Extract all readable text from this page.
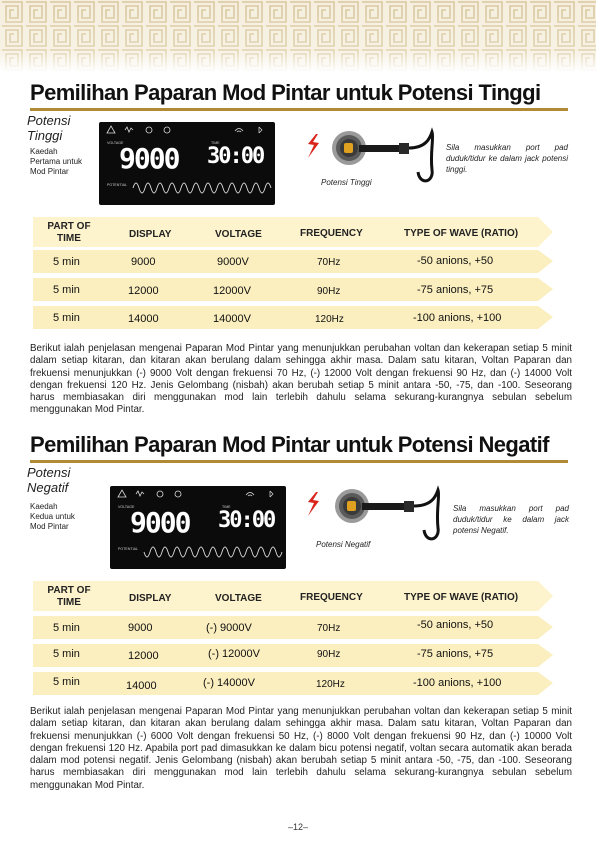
Pemilihan Paparan Mod Pintar untuk Potensi Tinggi
Potensi
Tinggi
Kaedah
Pertama untuk
Mod Pintar
VOLTAGE	TIME
POTENTIAL
9000 30:00
Potensi Tinggi
Sila masukkan port pad duduk/tidur ke dalam jack potensi tinggi.
PART OF TIME	DISPLAY	VOLTAGE	FREQUENCY	TYPE OF WAVE (RATIO)
5 min	9000	9000V	70Hz	-50 anions, +50
5 min	12000	12000V	90Hz	-75 anions, +75
5 min	14000	14000V	120Hz	-100 anions, +100
Berikut ialah penjelasan mengenai Paparan Mod Pintar yang menunjukkan perubahan voltan dan kekerapan setiap 5 minit dalam setiap kitaran, dan kitaran akan berulang dalam sehingga akhir masa. Dalam satu kitaran, Voltan Paparan dan frekuensi menunjukkan (-) 9000 Volt dengan frekuensi 70 Hz, (-) 12000 Volt dengan frekuensi 90 Hz, dan (-) 14000 Volt dengan frekuensi 120 Hz. Jenis Gelombang (nisbah) akan berubah setiap 5 minit antara -50, -75, dan -100. Seseorang harus membiasakan diri menggunakan mod lain terlebih dahulu selama sekurang-kurangnya sebulan sebelum menggunakan Mod Pintar.
Pemilihan Paparan Mod Pintar untuk Potensi Negatif
Potensi
Negatif
Kaedah
Kedua untuk
Mod Pintar
VOLTAGE	TIME
POTENTIAL
9000 30:00
Potensi Negatif
Sila masukkan port pad duduk/tidur ke dalam jack potensi Negatif.
PART OF TIME	DISPLAY	VOLTAGE	FREQUENCY	TYPE OF WAVE (RATIO)
5 min	9000	(-) 9000V	70Hz	-50 anions, +50
5 min	12000	(-) 12000V	90Hz	-75 anions, +75
5 min	14000	(-) 14000V	120Hz	-100 anions, +100
Berikut ialah penjelasan mengenai Paparan Mod Pintar yang menunjukkan perubahan voltan dan kekerapan setiap 5 minit dalam setiap kitaran, dan kitaran akan berulang dalam sehingga akhir masa. Dalam satu kitaran, Voltan Paparan dan frekuensi menunjukkan (-) 6000 Volt dengan frekuensi 50 Hz, (-) 8000 Volt dengan frekuensi 90 Hz, dan (-) 10000 Volt dengan frekuensi 120 Hz. Apabila port pad dimasukkan ke dalam bicu potensi negatif, voltan secara automatik akan berada dalam mod potensi negatif. Jenis Gelombang (nisbah) akan berubah setiap 5 minit antara -50, -75, dan -100. Seseorang harus membiasakan diri menggunakan mod lain terlebih dahulu selama sekurang-kurangnya sebulan sebelum menggunakan Mod Pintar.
–12–
